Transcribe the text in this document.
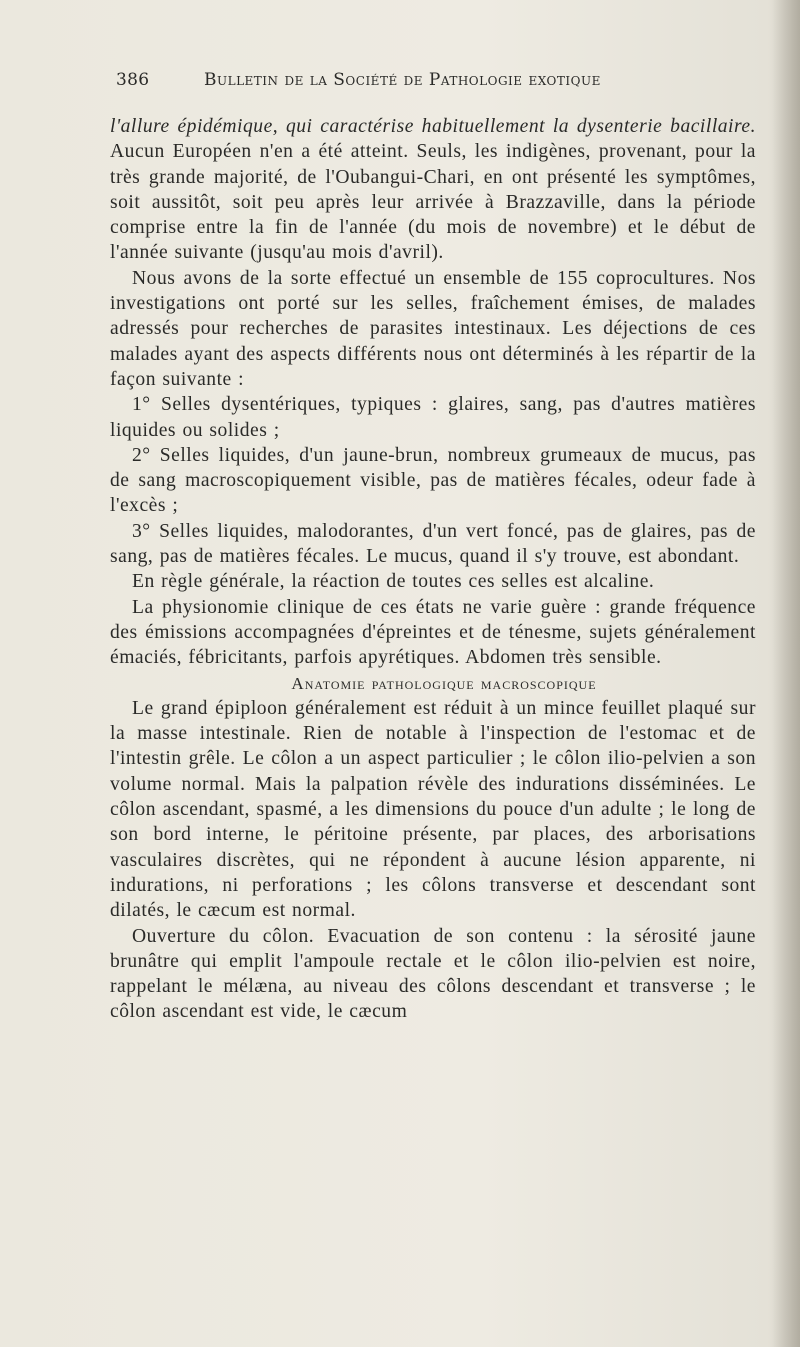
386	Bulletin de la Société de Pathologie exotique

l'allure épidémique, qui caractérise habituellement la dysenterie bacillaire. Aucun Européen n'en a été atteint. Seuls, les indigènes, provenant, pour la très grande majorité, de l'Oubangui-Chari, en ont présenté les symptômes, soit aussitôt, soit peu après leur arrivée à Brazzaville, dans la période comprise entre la fin de l'année (du mois de novembre) et le début de l'année suivante (jusqu'au mois d'avril).

Nous avons de la sorte effectué un ensemble de 155 coprocultures. Nos investigations ont porté sur les selles, fraîchement émises, de malades adressés pour recherches de parasites intestinaux. Les déjections de ces malades ayant des aspects différents nous ont déterminés à les répartir de la façon suivante :

1° Selles dysentériques, typiques : glaires, sang, pas d'autres matières liquides ou solides ;

2° Selles liquides, d'un jaune-brun, nombreux grumeaux de mucus, pas de sang macroscopiquement visible, pas de matières fécales, odeur fade à l'excès ;

3° Selles liquides, malodorantes, d'un vert foncé, pas de glaires, pas de sang, pas de matières fécales. Le mucus, quand il s'y trouve, est abondant.

En règle générale, la réaction de toutes ces selles est alcaline.

La physionomie clinique de ces états ne varie guère : grande fréquence des émissions accompagnées d'épreintes et de ténesme, sujets généralement émaciés, fébricitants, parfois apyrétiques. Abdomen très sensible.

Anatomie pathologique macroscopique

Le grand épiploon généralement est réduit à un mince feuillet plaqué sur la masse intestinale. Rien de notable à l'inspection de l'estomac et de l'intestin grêle. Le côlon a un aspect particulier ; le côlon ilio-pelvien a son volume normal. Mais la palpation révèle des indurations disséminées. Le côlon ascendant, spasmé, a les dimensions du pouce d'un adulte ; le long de son bord interne, le péritoine présente, par places, des arborisations vasculaires discrètes, qui ne répondent à aucune lésion apparente, ni indurations, ni perforations ; les côlons transverse et descendant sont dilatés, le cæcum est normal.

Ouverture du côlon. Evacuation de son contenu : la sérosité jaune brunâtre qui emplit l'ampoule rectale et le côlon ilio-pelvien est noire, rappelant le mélæna, au niveau des côlons descendant et transverse ; le côlon ascendant est vide, le cæcum
